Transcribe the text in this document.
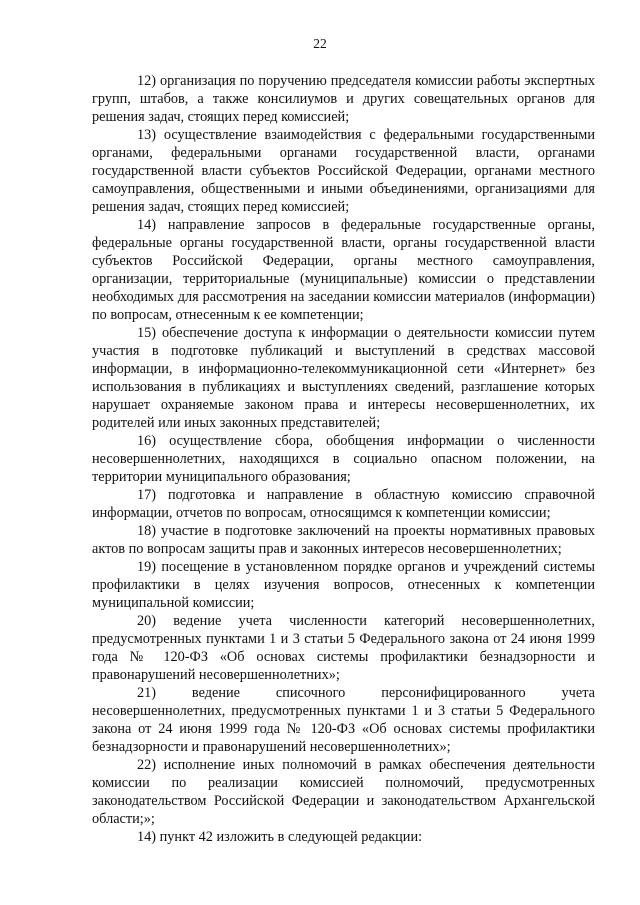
22

12) организация по поручению председателя комиссии работы экспертных групп, штабов, а также консилиумов и других совещательных органов для решения задач, стоящих перед комиссией;

13) осуществление взаимодействия с федеральными государственными органами, федеральными органами государственной власти, органами государственной власти субъектов Российской Федерации, органами местного самоуправления, общественными и иными объединениями, организациями для решения задач, стоящих перед комиссией;

14) направление запросов в федеральные государственные органы, федеральные органы государственной власти, органы государственной власти субъектов Российской Федерации, органы местного самоуправления, организации, территориальные (муниципальные) комиссии о представлении необходимых для рассмотрения на заседании комиссии материалов (информации) по вопросам, отнесенным к ее компетенции;

15) обеспечение доступа к информации о деятельности комиссии путем участия в подготовке публикаций и выступлений в средствах массовой информации, в информационно-телекоммуникационной сети «Интернет» без использования в публикациях и выступлениях сведений, разглашение которых нарушает охраняемые законом права и интересы несовершеннолетних, их родителей или иных законных представителей;

16) осуществление сбора, обобщения информации о численности несовершеннолетних, находящихся в социально опасном положении, на территории муниципального образования;

17) подготовка и направление в областную комиссию справочной информации, отчетов по вопросам, относящимся к компетенции комиссии;

18) участие в подготовке заключений на проекты нормативных правовых актов по вопросам защиты прав и законных интересов несовершеннолетних;

19) посещение в установленном порядке органов и учреждений системы профилактики в целях изучения вопросов, отнесенных к компетенции муниципальной комиссии;

20) ведение учета численности категорий несовершеннолетних, предусмотренных пунктами 1 и 3 статьи 5 Федерального закона от 24 июня 1999 года № 120-ФЗ «Об основах системы профилактики безнадзорности и правонарушений несовершеннолетних»;

21) ведение списочного персонифицированного учета несовершеннолетних, предусмотренных пунктами 1 и 3 статьи 5 Федерального закона от 24 июня 1999 года № 120-ФЗ «Об основах системы профилактики безнадзорности и правонарушений несовершеннолетних»;

22) исполнение иных полномочий в рамках обеспечения деятельности комиссии по реализации комиссией полномочий, предусмотренных законодательством Российской Федерации и законодательством Архангельской области;»;

14) пункт 42 изложить в следующей редакции:
